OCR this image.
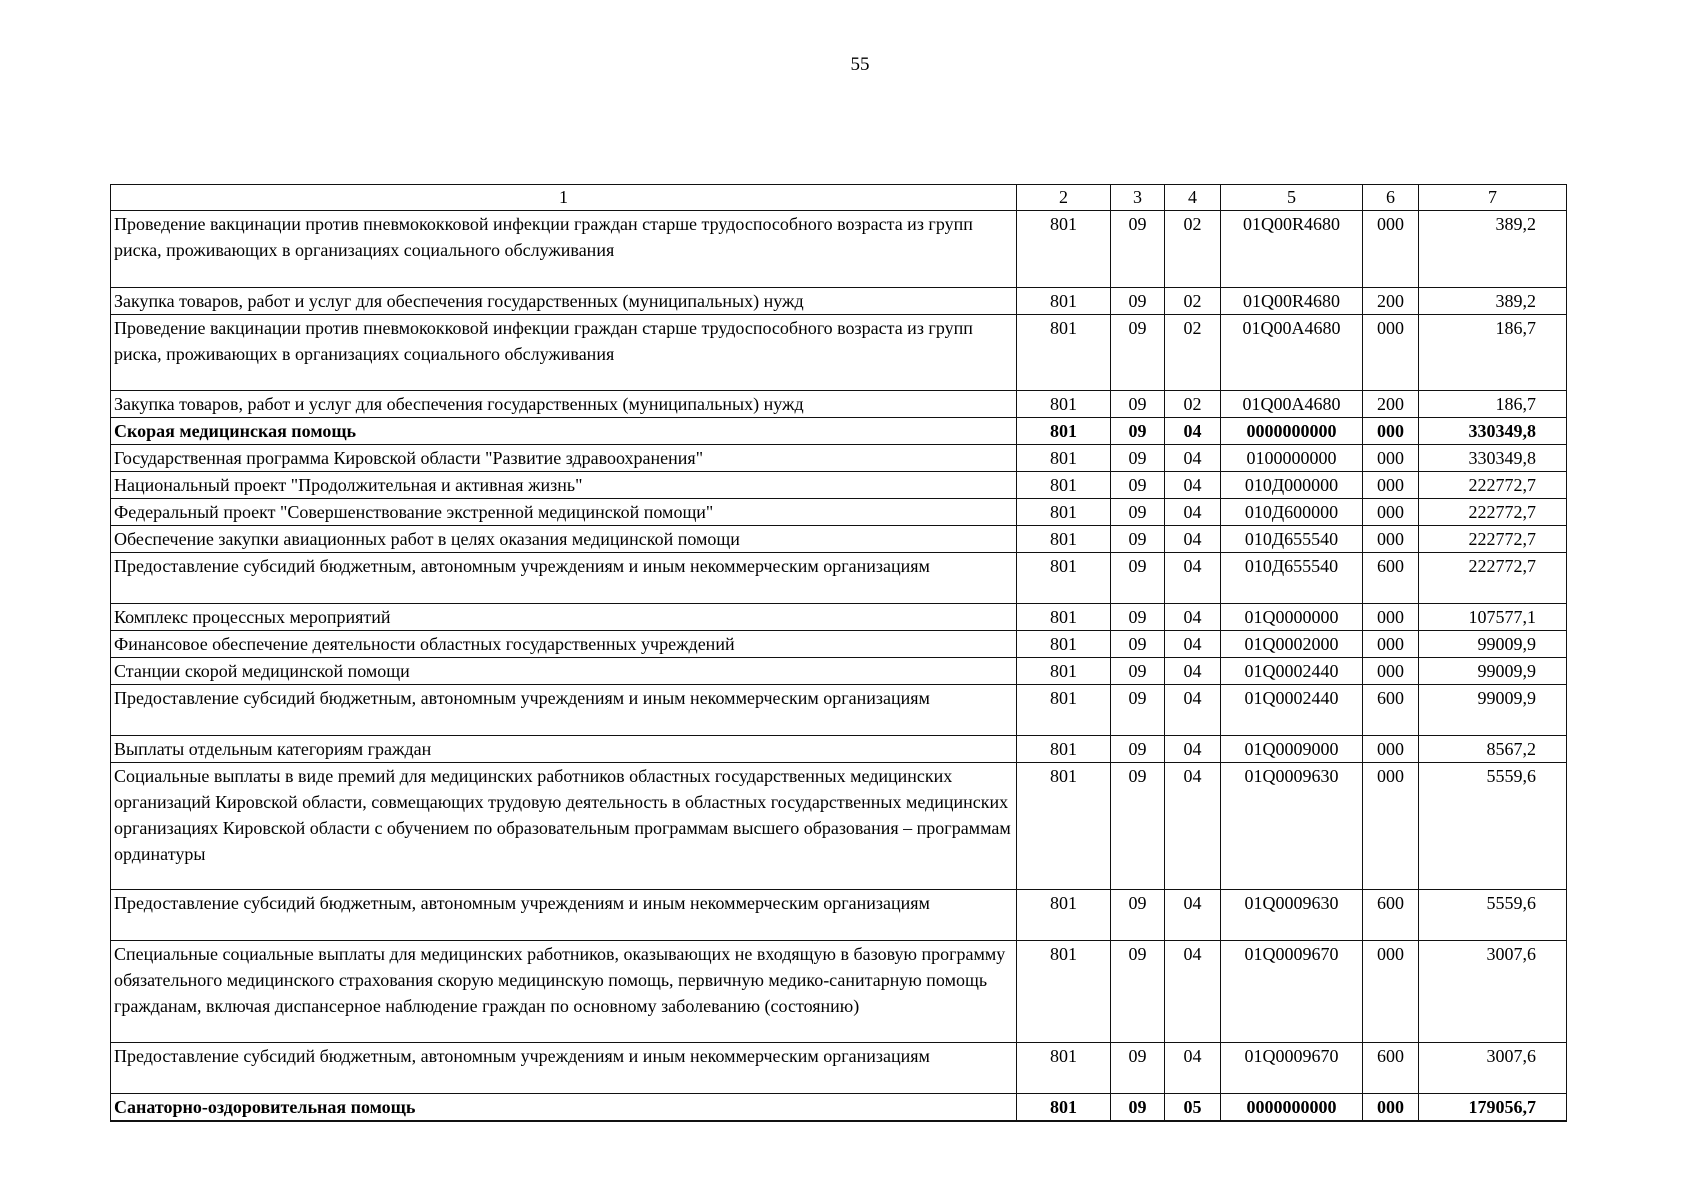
55
1	2	3	4	5	6	7
Проведение вакцинации против пневмококковой инфекции граждан старше трудоспособного возраста из групп риска, проживающих в организациях социального обслуживания	801	09	02	01Q00R4680	000	389,2
Закупка товаров, работ и услуг для обеспечения государственных (муниципальных) нужд	801	09	02	01Q00R4680	200	389,2
Проведение вакцинации против пневмококковой инфекции граждан старше трудоспособного возраста из групп риска, проживающих в организациях социального обслуживания	801	09	02	01Q00A4680	000	186,7
Закупка товаров, работ и услуг для обеспечения государственных (муниципальных) нужд	801	09	02	01Q00A4680	200	186,7
Скорая медицинская помощь	801	09	04	0000000000	000	330349,8
Государственная программа Кировской области "Развитие здравоохранения"	801	09	04	0100000000	000	330349,8
Национальный проект "Продолжительная и активная жизнь"	801	09	04	010Д000000	000	222772,7
Федеральный проект "Совершенствование экстренной медицинской помощи"	801	09	04	010Д600000	000	222772,7
Обеспечение закупки авиационных работ в целях оказания медицинской помощи	801	09	04	010Д655540	000	222772,7
Предоставление субсидий бюджетным, автономным учреждениям и иным некоммерческим организациям	801	09	04	010Д655540	600	222772,7
Комплекс процессных мероприятий	801	09	04	01Q0000000	000	107577,1
Финансовое обеспечение деятельности областных государственных учреждений	801	09	04	01Q0002000	000	99009,9
Станции скорой медицинской помощи	801	09	04	01Q0002440	000	99009,9
Предоставление субсидий бюджетным, автономным учреждениям и иным некоммерческим организациям	801	09	04	01Q0002440	600	99009,9
Выплаты отдельным категориям граждан	801	09	04	01Q0009000	000	8567,2
Социальные выплаты в виде премий для медицинских работников областных государственных медицинских организаций Кировской области, совмещающих трудовую деятельность в областных государственных медицинских организациях Кировской области с обучением по образовательным программам высшего образования – программам ординатуры	801	09	04	01Q0009630	000	5559,6
Предоставление субсидий бюджетным, автономным учреждениям и иным некоммерческим организациям	801	09	04	01Q0009630	600	5559,6
Специальные социальные выплаты для медицинских работников, оказывающих не входящую в базовую программу обязательного медицинского страхования скорую медицинскую помощь, первичную медико-санитарную помощь гражданам, включая диспансерное наблюдение граждан по основному заболеванию (состоянию)	801	09	04	01Q0009670	000	3007,6
Предоставление субсидий бюджетным, автономным учреждениям и иным некоммерческим организациям	801	09	04	01Q0009670	600	3007,6
Санаторно-оздоровительная помощь	801	09	05	0000000000	000	179056,7
